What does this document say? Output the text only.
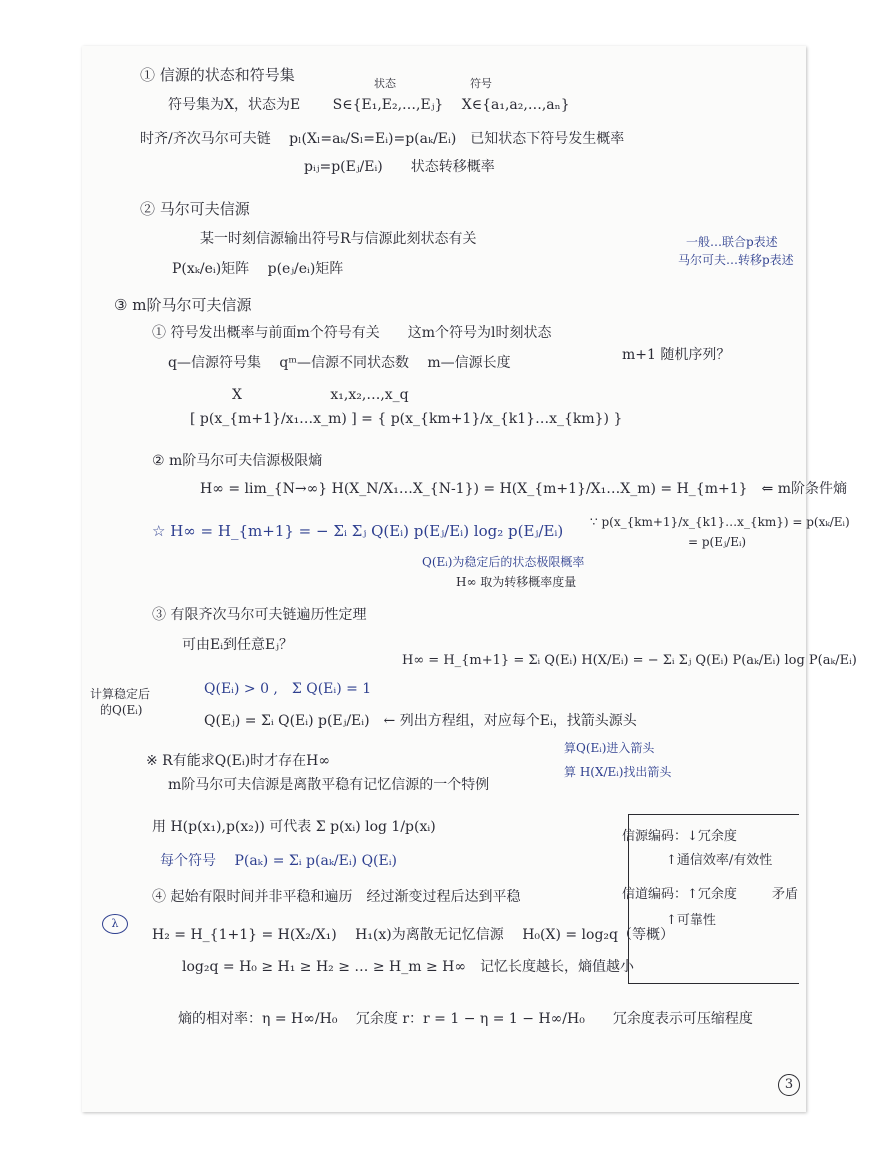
① 信源的状态和符号集	状态	符号
符号集为X，状态为E　　 S∈{E₁,E₂,…,Eⱼ}　 X∈{a₁,a₂,…,aₙ}
时齐/齐次马尔可夫链　 pₗ(Xₗ=aₖ/Sₗ=Eᵢ)=p(aₖ/Eᵢ)　已知状态下符号发生概率
pᵢⱼ=p(Eⱼ/Eᵢ)　　状态转移概率
② 马尔可夫信源
某一时刻信源输出符号R与信源此刻状态有关
P(xₖ/eᵢ)矩阵　 p(eⱼ/eᵢ)矩阵
一般…联合p表述
马尔可夫…转移p表述
③ m阶马尔可夫信源
① 符号发出概率与前面m个符号有关　　这m个符号为l时刻状态
q—信源符号集　 qᵐ—信源不同状态数　 m—信源长度	m+1 随机序列？
X　　　　　　 x₁,x₂,…,x_q
[ p(x_{m+1}/x₁…x_m) ] = { p(x_{km+1}/x_{k1}…x_{km}) }
② m阶马尔可夫信源极限熵
H∞ = lim_{N→∞} H(X_N/X₁…X_{N-1}) = H(X_{m+1}/X₁…X_m) = H_{m+1}　⇐ m阶条件熵
☆ H∞ = H_{m+1} = − Σᵢ Σⱼ Q(Eᵢ) p(Eⱼ/Eᵢ) log₂ p(Eⱼ/Eᵢ) ∵ p(x_{km+1}/x_{k1}…x_{km}) = p(xₖ/Eᵢ)
= p(Eⱼ/Eᵢ)
Q(Eᵢ)为稳定后的状态极限概率
H∞ 取为转移概率度量
③ 有限齐次马尔可夫链遍历性定理
可由Eᵢ到任意Eⱼ？
H∞ = H_{m+1} = Σᵢ Q(Eᵢ) H(X/Eᵢ) = − Σᵢ Σⱼ Q(Eᵢ) P(aₖ/Eᵢ) log P(aₖ/Eᵢ)
计算稳定后
的Q(Eᵢ)
Q(Eᵢ) > 0 ,　Σ Q(Eᵢ) = 1
Q(Eⱼ) = Σᵢ Q(Eᵢ) p(Eⱼ/Eᵢ)　← 列出方程组，对应每个Eᵢ，找箭头源头
※ R有能求Q(Eᵢ)时才存在H∞
m阶马尔可夫信源是离散平稳有记忆信源的一个特例
算Q(Eᵢ)进入箭头
算 H(X/Eᵢ)找出箭头
用 H(p(x₁),p(x₂)) 可代表 Σ p(xᵢ) log 1/p(xᵢ)
每个符号　 P(aₖ) = Σᵢ p(aₖ/Eᵢ) Q(Eᵢ)
④ 起始有限时间并非平稳和遍历　经过渐变过程后达到平稳
H₂ = H_{1+1} = H(X₂/X₁)　 H₁(x)为离散无记忆信源　 H₀(X) = log₂q（等概）
log₂q = H₀ ≥ H₁ ≥ H₂ ≥ … ≥ H_m ≥ H∞　记忆长度越长，熵值越小
熵的相对率：η = H∞/H₀　 冗余度 r：r = 1 − η = 1 − H∞/H₀　　冗余度表示可压缩程度
信源编码：↓冗余度
↑通信效率/有效性
信道编码：↑冗余度
↑可靠性
矛盾
λ
3
